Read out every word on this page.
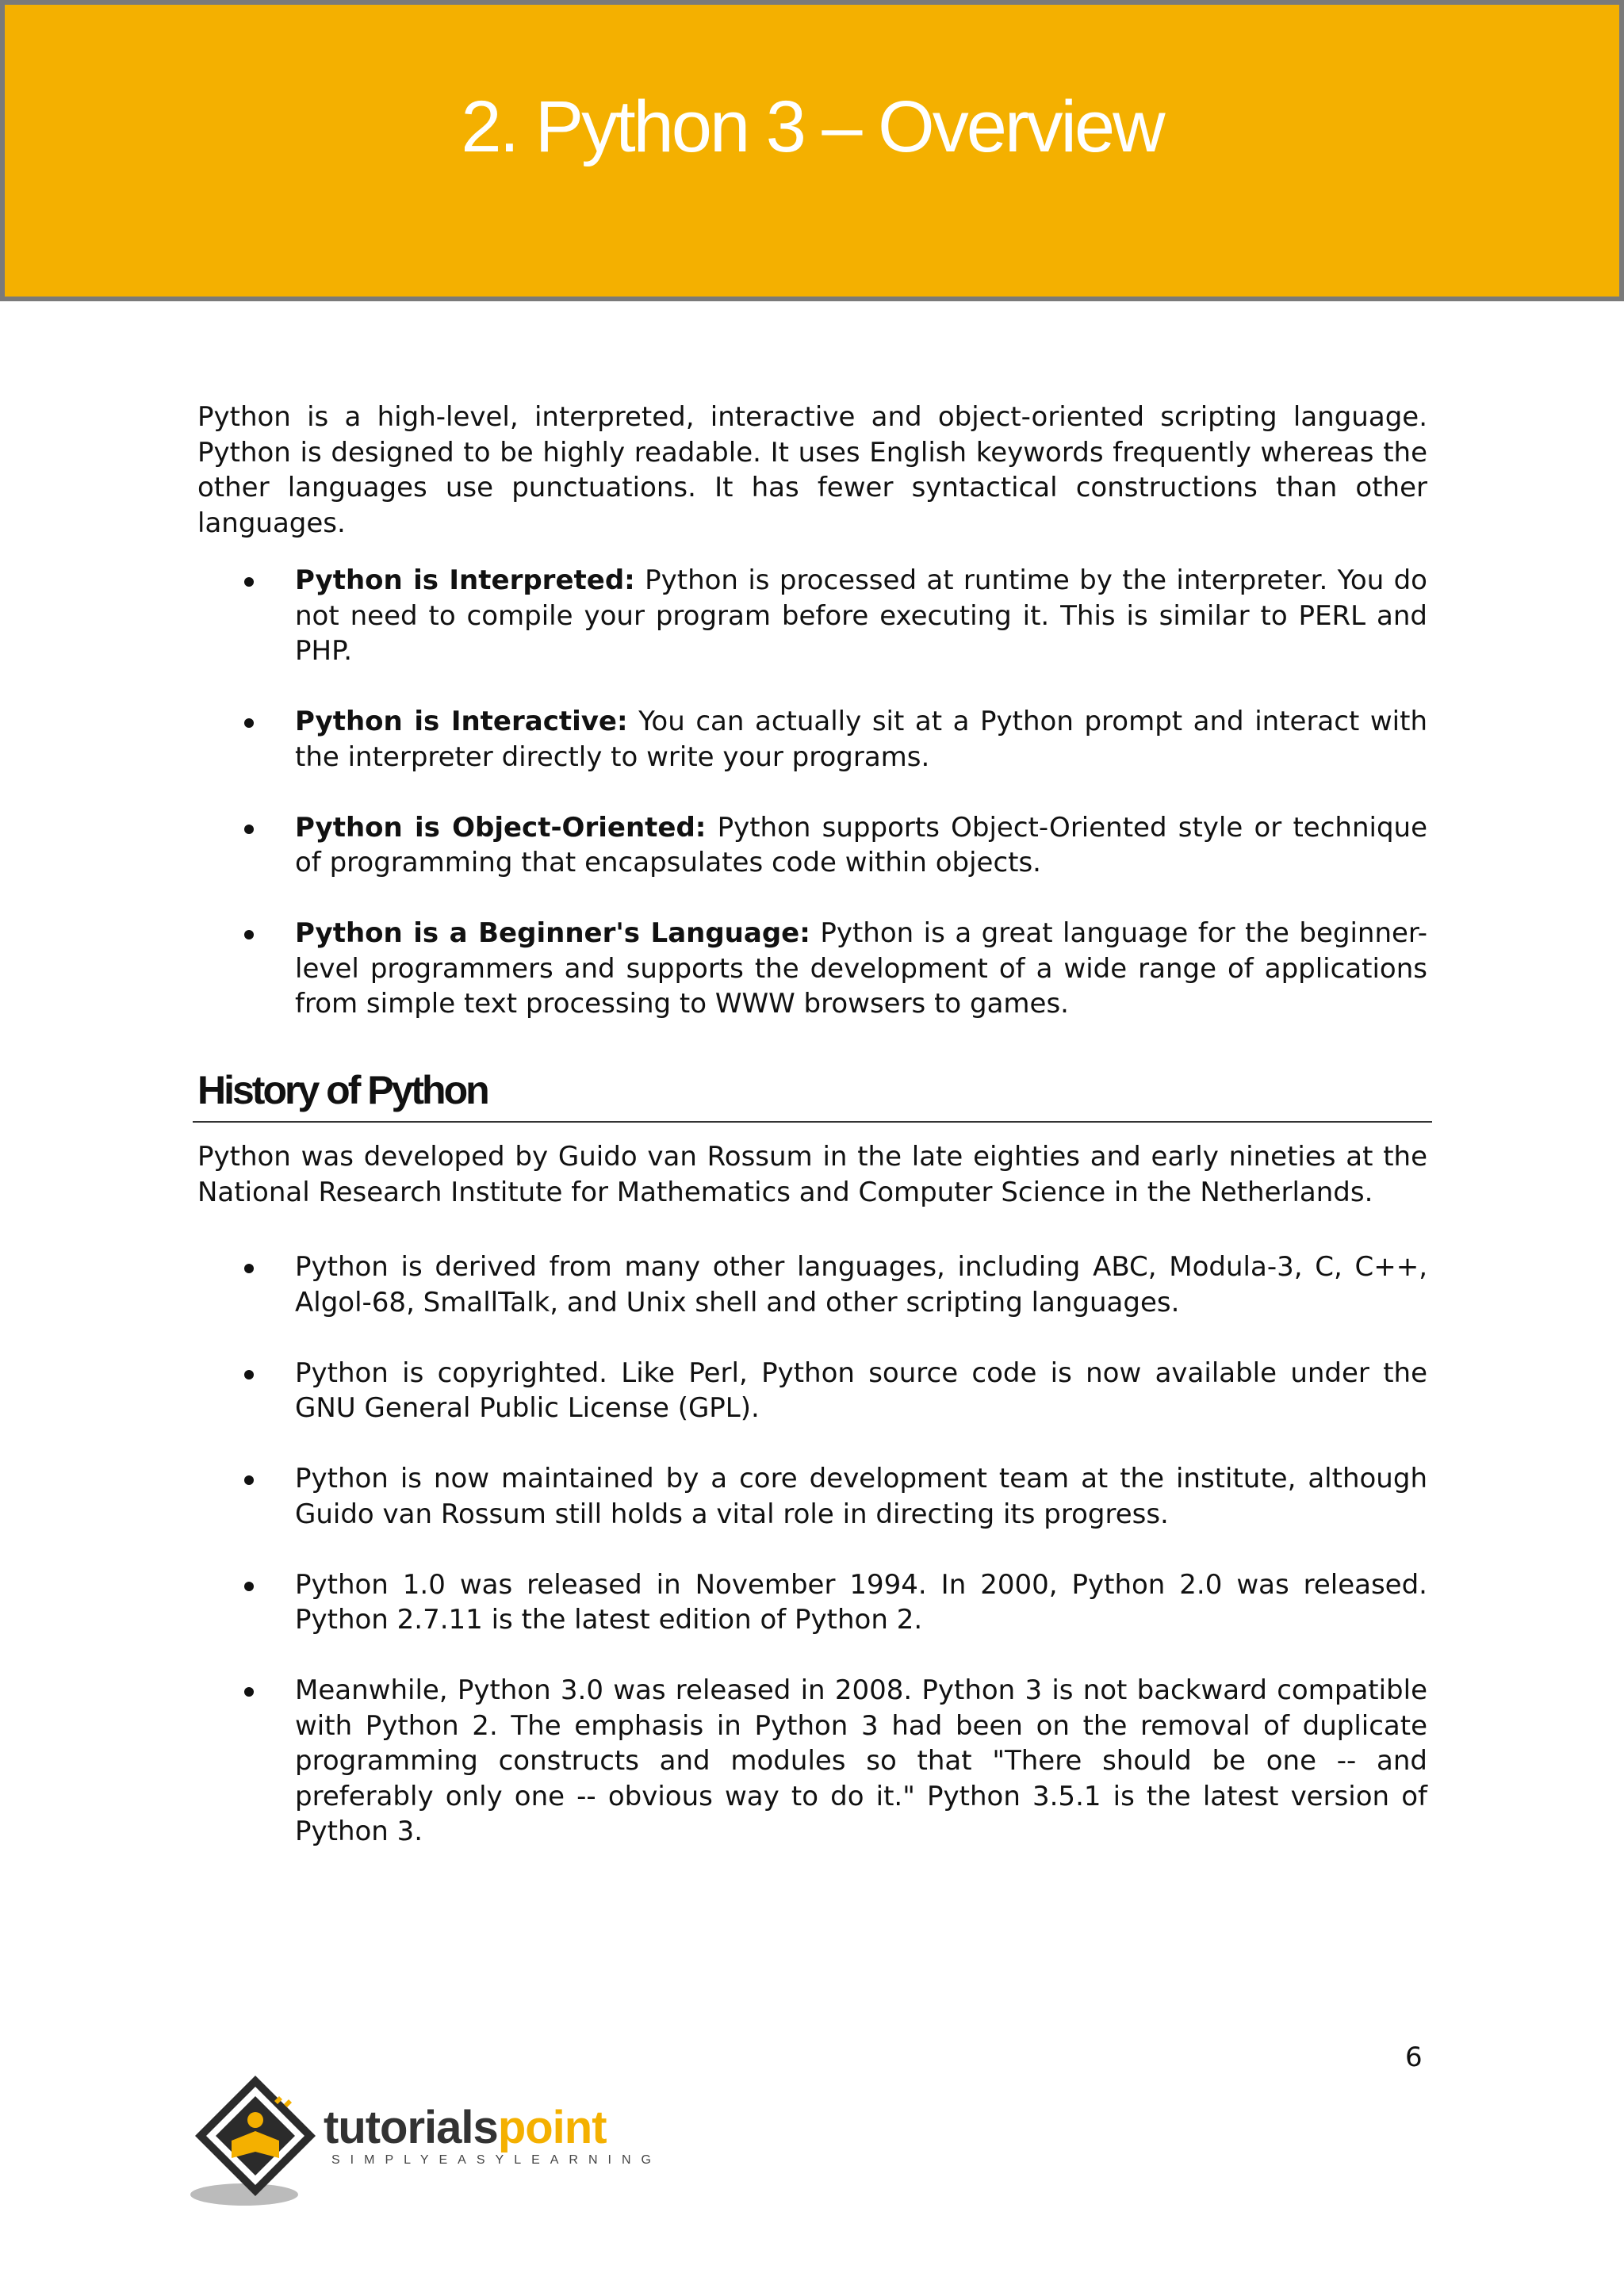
2. Python 3 – Overview

Python is a high-level, interpreted, interactive and object-oriented scripting language. Python is designed to be highly readable. It uses English keywords frequently whereas the other languages use punctuations. It has fewer syntactical constructions than other languages.

Python is Interpreted: Python is processed at runtime by the interpreter. You do not need to compile your program before executing it. This is similar to PERL and PHP.

Python is Interactive: You can actually sit at a Python prompt and interact with the interpreter directly to write your programs.

Python is Object-Oriented: Python supports Object-Oriented style or technique of programming that encapsulates code within objects.

Python is a Beginner's Language: Python is a great language for the beginner-level programmers and supports the development of a wide range of applications from simple text processing to WWW browsers to games.

History of Python

Python was developed by Guido van Rossum in the late eighties and early nineties at the National Research Institute for Mathematics and Computer Science in the Netherlands.

Python is derived from many other languages, including ABC, Modula-3, C, C++, Algol-68, SmallTalk, and Unix shell and other scripting languages.

Python is copyrighted. Like Perl, Python source code is now available under the GNU General Public License (GPL).

Python is now maintained by a core development team at the institute, although Guido van Rossum still holds a vital role in directing its progress.

Python 1.0 was released in November 1994. In 2000, Python 2.0 was released. Python 2.7.11 is the latest edition of Python 2.

Meanwhile, Python 3.0 was released in 2008. Python 3 is not backward compatible with Python 2. The emphasis in Python 3 had been on the removal of duplicate programming constructs and modules so that "There should be one -- and preferably only one -- obvious way to do it." Python 3.5.1 is the latest version of Python 3.

6
tutorialspoint
SIMPLYEASYLEARNING
